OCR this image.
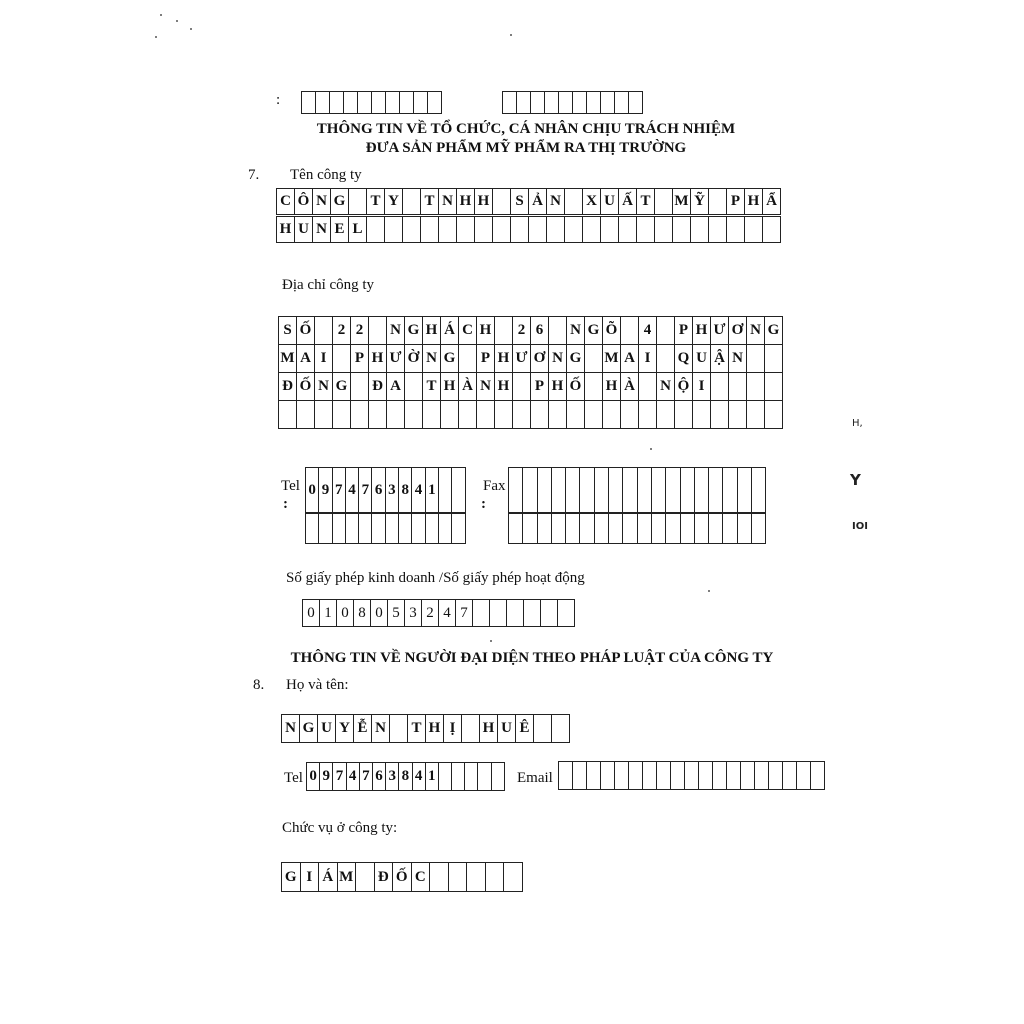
:
THÔNG TIN VỀ TỔ CHỨC, CÁ NHÂN CHỊU TRÁCH NHIỆM
ĐƯA SẢN PHẨM MỸ PHẨM RA THỊ TRƯỜNG
7. Tên công ty
C Ô N G T Y T N H H S Ả N X U Ấ T	M Ỹ P H Ẩ
H U N E L
Địa chỉ công ty
S Ố	2 2	N G H Á C H	2 6	N G Õ	4	P H Ư Ơ N G
M A I	P H Ư Ờ N G P H Ư Ơ N G M A I	Q U Ậ N
Đ Ố N G Đ A T H À N H P H Ố H À N Ộ I
Tel
:
0 9 7 4 7 6 3 8 4 1	Fax
:
Số giấy phép kinh doanh /Số giấy phép hoạt động
0 1 0 8 0 5 3 2 4 7
THÔNG TIN VỀ NGƯỜI ĐẠI DIỆN THEO PHÁP LUẬT CỦA CÔNG TY
8. Họ và tên:
N G U Y Ễ N T H Ị	H U Ê
Tel 0 9 7 4 7 6 3 8 4 1	Email
Chức vụ ở công ty:
G I Á M Đ Ố C
H,
Y
IOI
